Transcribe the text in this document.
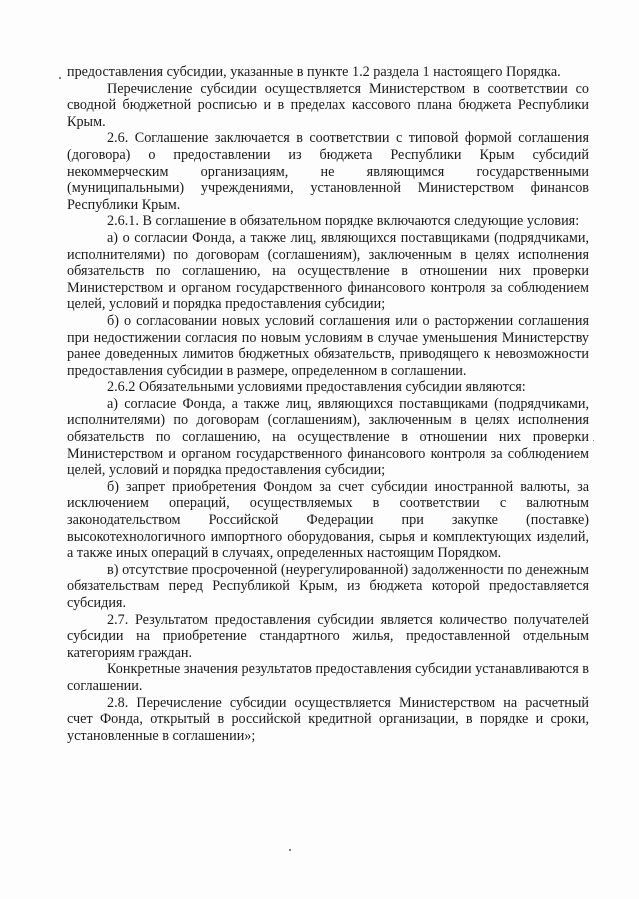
предоставления субсидии, указанные в пункте 1.2 раздела 1 настоящего Порядка.

Перечисление субсидии осуществляется Министерством в соответствии со сводной бюджетной росписью и в пределах кассового плана бюджета Республики Крым.

2.6. Соглашение заключается в соответствии с типовой формой соглашения (договора) о предоставлении из бюджета Республики Крым субсидий некоммерческим организациям, не являющимся государственными (муниципальными) учреждениями, установленной Министерством финансов Республики Крым.

2.6.1. В соглашение в обязательном порядке включаются следующие условия:

а) о согласии Фонда, а также лиц, являющихся поставщиками (подрядчиками, исполнителями) по договорам (соглашениям), заключенным в целях исполнения обязательств по соглашению, на осуществление в отношении них проверки Министерством и органом государственного финансового контроля за соблюдением целей, условий и порядка предоставления субсидии;

б) о согласовании новых условий соглашения или о расторжении соглашения при недостижении согласия по новым условиям в случае уменьшения Министерству ранее доведенных лимитов бюджетных обязательств, приводящего к невозможности предоставления субсидии в размере, определенном в соглашении.

2.6.2 Обязательными условиями предоставления субсидии являются:

а) согласие Фонда, а также лиц, являющихся поставщиками (подрядчиками, исполнителями) по договорам (соглашениям), заключенным в целях исполнения обязательств по соглашению, на осуществление в отношении них проверки Министерством и органом государственного финансового контроля за соблюдением целей, условий и порядка предоставления субсидии;

б) запрет приобретения Фондом за счет субсидии иностранной валюты, за исключением операций, осуществляемых в соответствии с валютным законодательством Российской Федерации при закупке (поставке) высокотехнологичного импортного оборудования, сырья и комплектующих изделий, а также иных операций в случаях, определенных настоящим Порядком.

в) отсутствие просроченной (неурегулированной) задолженности по денежным обязательствам перед Республикой Крым, из бюджета которой предоставляется субсидия.

2.7. Результатом предоставления субсидии является количество получателей субсидии на приобретение стандартного жилья, предоставленной отдельным категориям граждан.

Конкретные значения результатов предоставления субсидии устанавливаются в соглашении.

2.8. Перечисление субсидии осуществляется Министерством на расчетный счет Фонда, открытый в российской кредитной организации, в порядке и сроки, установленные в соглашении»;
